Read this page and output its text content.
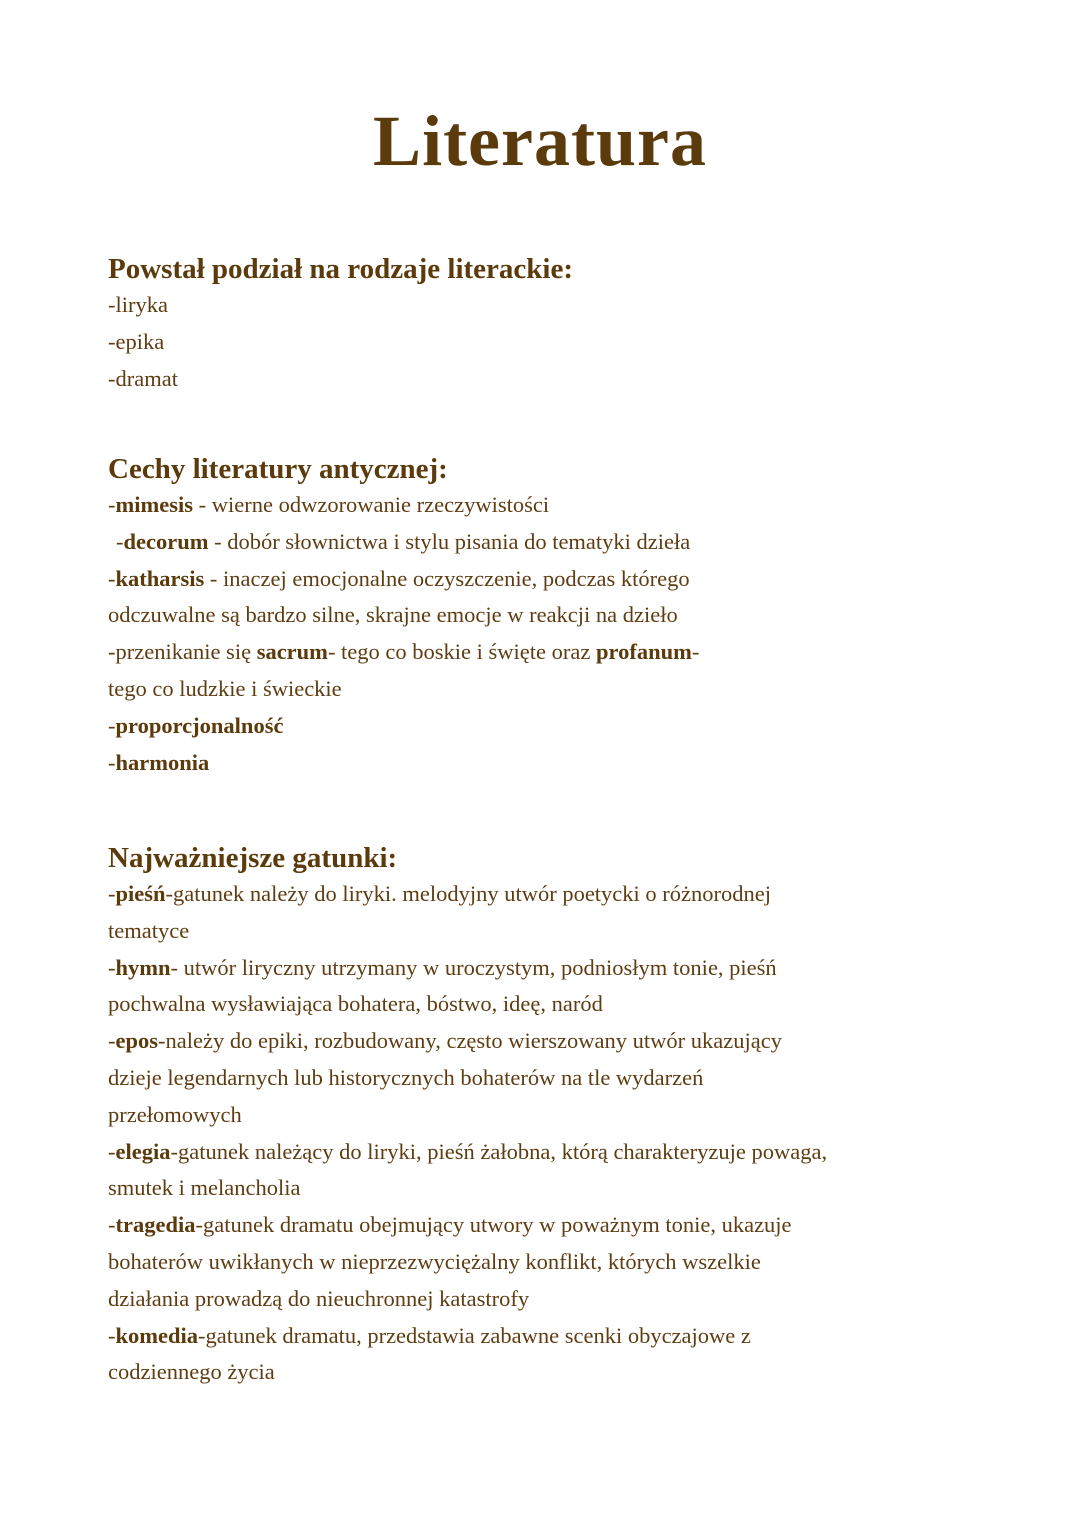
Literatura
Powstał podział na rodzaje literackie:
-liryka
-epika
-dramat
Cechy literatury antycznej:
-mimesis - wierne odwzorowanie rzeczywistości
-decorum - dobór słownictwa i stylu pisania do tematyki dzieła
-katharsis - inaczej emocjonalne oczyszczenie, podczas którego
odczuwalne są bardzo silne, skrajne emocje w reakcji na dzieło
-przenikanie się sacrum- tego co boskie i święte oraz profanum-
tego co ludzkie i świeckie
-proporcjonalność
-harmonia
Najważniejsze gatunki:
-pieśń-gatunek należy do liryki. melodyjny utwór poetycki o różnorodnej
tematyce
-hymn- utwór liryczny utrzymany w uroczystym, podniosłym tonie, pieśń
pochwalna wysławiająca bohatera, bóstwo, ideę, naród
-epos-należy do epiki, rozbudowany, często wierszowany utwór ukazujący
dzieje legendarnych lub historycznych bohaterów na tle wydarzeń
przełomowych
-elegia-gatunek należący do liryki, pieśń żałobna, którą charakteryzuje powaga,
smutek i melancholia
-tragedia-gatunek dramatu obejmujący utwory w poważnym tonie, ukazuje
bohaterów uwikłanych w nieprzezwyciężalny konflikt, których wszelkie
działania prowadzą do nieuchronnej katastrofy
-komedia-gatunek dramatu, przedstawia zabawne scenki obyczajowe z
codziennego życia
